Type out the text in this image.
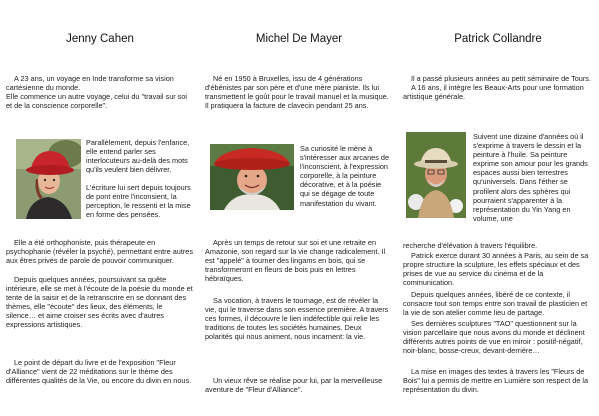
Jenny Cahen

A 23 ans, un voyage en Inde transforme sa vision cartésienne du monde.
Elle commence un autre voyage, celui du "travail sur soi et de la conscience corporelle".

Parallèlement, depuis l'enfance, elle entend parler ses interlocuteurs au-delà des mots qu'ils veulent bien délivrer.

L'écriture lui sert depuis toujours de pont entre l'inconsient, la perception, le ressenti et la mise en forme des pensées.

Elle a été orthophoniste, puis thérapeute en psychophanie (révéler la psyché), permettant entre autres aux êtres privés de parole de pouvoir communiquer.

Depuis quelques années, poursuivant sa quête intérieure, elle se met à l'écoute de la poésie du monde et tente de la saisir et de la retranscrire en se donnant des thèmes, elle "écoute" des lieux, des éléments, le silence… et aime croiser ses écrits avec d'autres expressions artistiques.

Le point de départ du livre et de l'exposition "Fleur d'Alliance" vient de 22 méditations sur le thème des différentes qualités de la Vie, ou encore du divin en nous.

Michel De Mayer

Né en 1950 à Bruxelles, issu de 4 générations d'ébénistes par son père et d'une mère pianiste. Ils lui transmettent le goût pour le travail manuel et la musique. Il pratiquera la facture de clavecin pendant 25 ans.

Sa curiosité le mène à s'intéresser aux arcanes de l'inconscient, à l'expression corporelle, à la peinture décorative, et à la poésie qui se dégage de toute manifestation du vivant.

Après un temps de retour sur soi et une retraite en Amazonie, son regard sur la vie change radicalement. Il est "appelé" à tourner des lingams en bois, qui se transformeront en fleurs de bois puis en lettres hébraïques.

Sa vocation, à travers le tournage, est de révéler la vie, qui le traverse dans son essence première. A travers ces formes, il découvre le lien indéfectible qui relie les traditions de toutes les sociétés humaines. Deux polarités qui nous animent, nous incarnent: la vie.

Un vieux rêve se réalise pour lui, par la merveilleuse aventure de "Fleur d'Alliance".

Patrick Collandre

Il a passé plusieurs années au petit séminaire de Tours.
A 16 ans, il intègre les Beaux-Arts pour une formation artistique générale.

Suivent une dizaine d'années où il s'exprime à travers le dessin et la peinture à l'huile. Sa peinture exprime son amour pour les grands espaces aussi bien terrestres qu'universels. Dans l'éther se profilent alors des sphères qui pourraient s'apparenter à la représentation du Yin Yang en volume, une

recherche d'élévation à travers l'équilibre.

Patrick exerce durant 30 années à Paris, au sein de sa propre structure la sculpture, les effets spéciaux et des prises de vue au service du cinéma et de la communication.

Depuis quelques années, libéré de ce contexte, il consacre tout son temps entre son travail de plasticien et la vie de son atelier comme lieu de partage.

Ses dernières sculptures "TAO" questionnent sur la vision parcellaire que nous avons du monde et déclinent différents autres points de vue en miroir : positif-négatif, noir-blanc, bosse-creux, devant-derrière…

La mise en images des textes à travers les "Fleurs de Bois" lui a permis de mettre en Lumière son respect de la représentation du divin.
